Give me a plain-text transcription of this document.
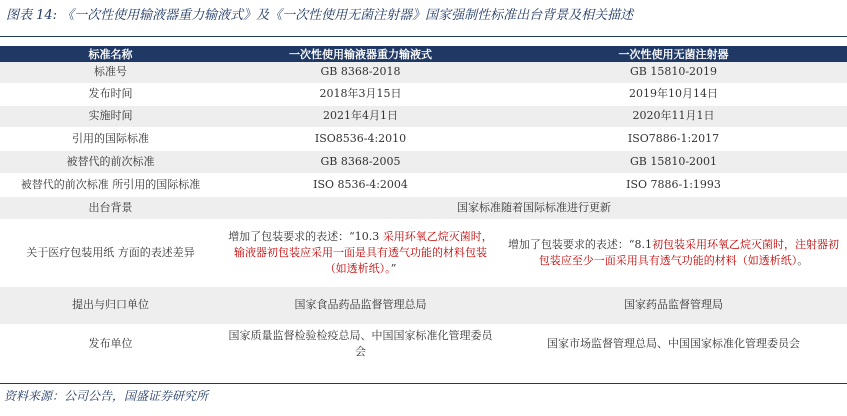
图表 14: 《一次性使用输液器重力输液式》及《一次性使用无菌注射器》国家强制性标准出台背景及相关描述
标准名称	一次性使用输液器重力输液式	一次性使用无菌注射器
标准号	GB 8368-2018	GB 15810-2019
发布时间	2018年3月15日	2019年10月14日
实施时间	2021年4月1日	2020年11月1日
引用的国际标准	ISO8536-4:2010	ISO7886-1:2017
被替代的前次标准	GB 8368-2005	GB 15810-2001
被替代的前次标准 所引用的国际标准	ISO 8536-4:2004	ISO 7886-1:1993
出台背景	国家标准随着国际标准进行更新	
关于医疗包装用纸 方面的表述差异	增加了包装要求的表述：“10.3 采用环氧乙烷灭菌时，输液器初包装应采用一面是具有透气功能的材料包装（如透析纸）。”	增加了包装要求的表述：“8.1初包装采用环氧乙烷灭菌时，注射器初包装应至少一面采用具有透气功能的材料（如透析纸）。
提出与归口单位	国家食品药品监督管理总局	国家药品监督管理局
发布单位	国家质量监督检验检疫总局、中国国家标准化管理委员会	国家市场监督管理总局、中国国家标准化管理委员会
资料来源：公司公告，国盛证券研究所
